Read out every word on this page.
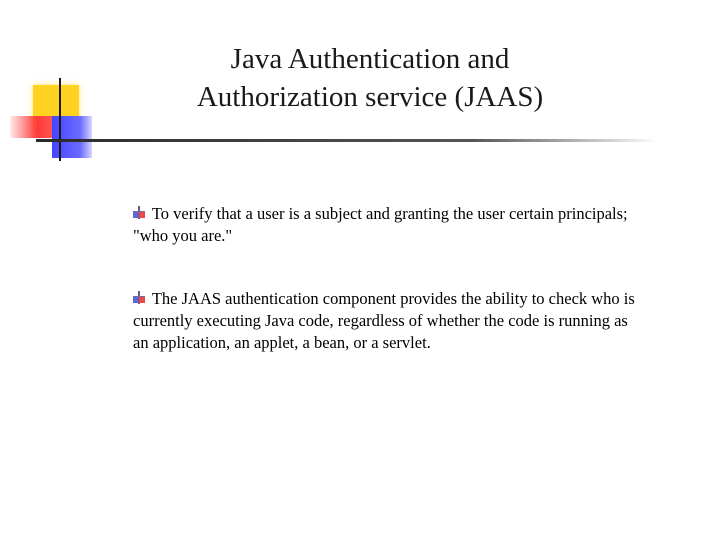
Java Authentication and
Authorization service (JAAS)
To verify that a user is a subject and granting the user certain principals; "who you are."
The JAAS authentication component provides the ability to check who is currently executing Java code, regardless of whether the code is running as an application, an applet, a bean, or a servlet.
